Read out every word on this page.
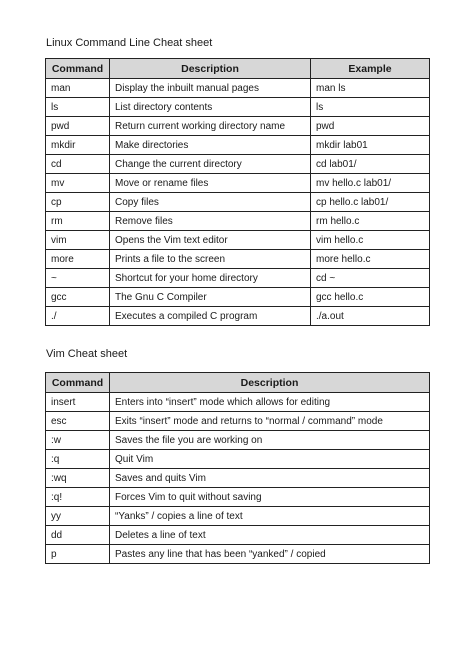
Linux Command Line Cheat sheet
Command	Description	Example
man	Display the inbuilt manual pages	man ls
ls	List directory contents	ls
pwd	Return current working directory name	pwd
mkdir	Make directories	mkdir lab01
cd	Change the current directory	cd lab01/
mv	Move or rename files	mv hello.c lab01/
cp	Copy files	cp hello.c lab01/
rm	Remove files	rm hello.c
vim	Opens the Vim text editor	vim hello.c
more	Prints a file to the screen	more hello.c
~	Shortcut for your home directory	cd ~
gcc	The Gnu C Compiler	gcc hello.c
./	Executes a compiled C program	./a.out
Vim Cheat sheet
Command	Description
insert	Enters into “insert” mode which allows for editing
esc	Exits “insert” mode and returns to “normal / command” mode
:w	Saves the file you are working on
:q	Quit Vim
:wq	Saves and quits Vim
:q!	Forces Vim to quit without saving
yy	“Yanks” / copies a line of text
dd	Deletes a line of text
p	Pastes any line that has been “yanked” / copied
